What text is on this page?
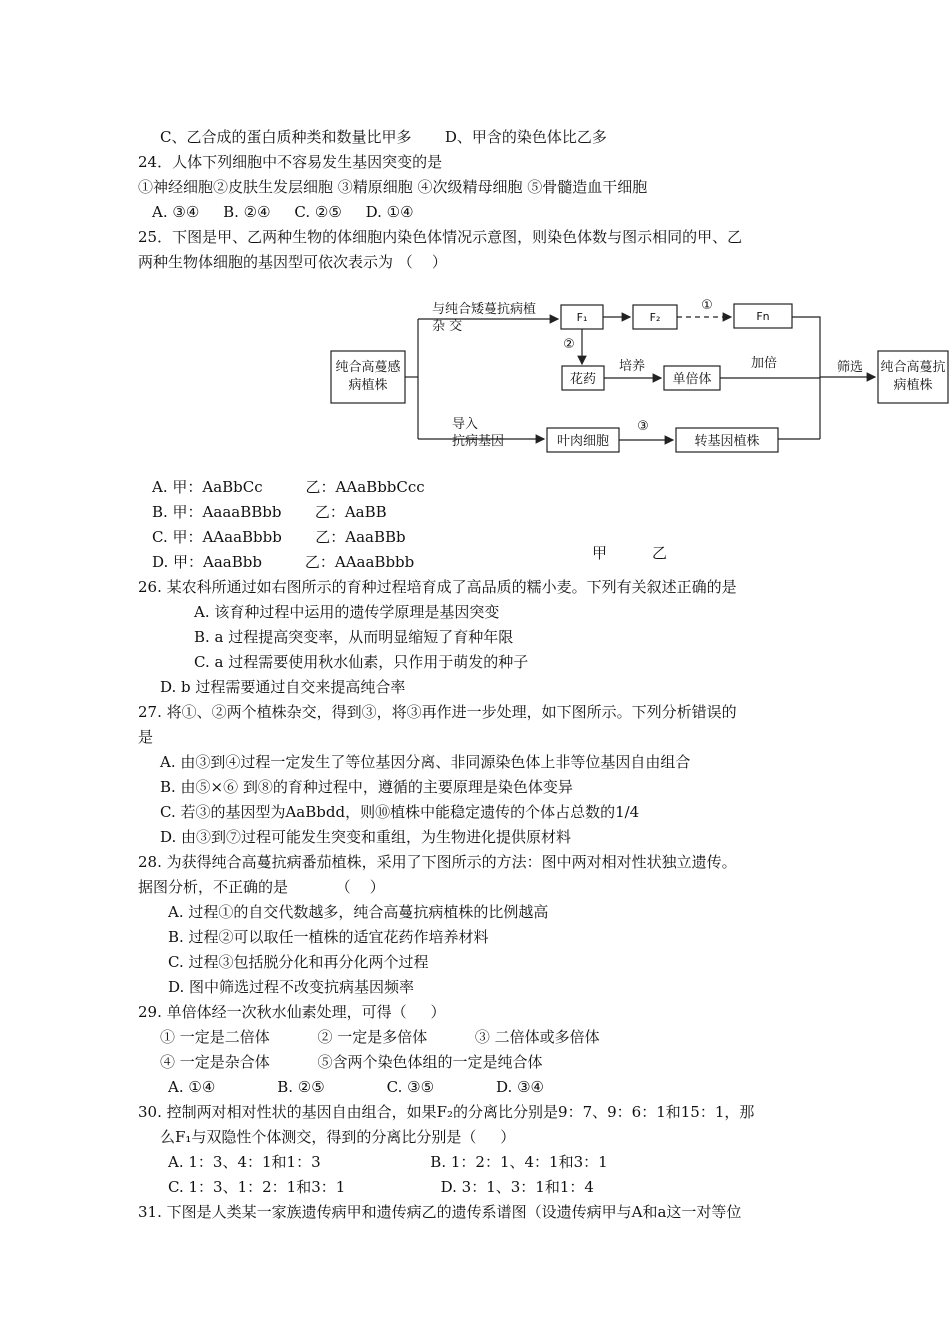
C、乙合成的蛋白质种类和数量比甲多       D、甲含的染色体比乙多
24．人体下列细胞中不容易发生基因突变的是
①神经细胞②皮肤生发层细胞 ③精原细胞 ④次级精母细胞 ⑤骨髓造血干细胞
A. ③④     B. ②④     C. ②⑤     D. ①④
25．下图是甲、乙两种生物的体细胞内染色体情况示意图，则染色体数与图示相同的甲、乙
两种生物体细胞的基因型可依次表示为 （    ）
A. 甲：AaBbCc         乙：AAaBbbCcc
B. 甲：AaaaBBbb       乙：AaBB
C. 甲：AAaaBbbb       乙：AaaBBb
D. 甲：AaaBbb         乙：AAaaBbbb
26. 某农科所通过如右图所示的育种过程培育成了高品质的糯小麦。下列有关叙述正确的是
A. 该育种过程中运用的遗传学原理是基因突变
B. a 过程提高突变率，从而明显缩短了育种年限
C. a 过程需要使用秋水仙素，只作用于萌发的种子
D. b 过程需要通过自交来提高纯合率
27. 将①、②两个植株杂交，得到③，将③再作进一步处理，如下图所示。下列分析错误的
是
A. 由③到④过程一定发生了等位基因分离、非同源染色体上非等位基因自由组合
B. 由⑤×⑥ 到⑧的育种过程中，遵循的主要原理是染色体变异
C. 若③的基因型为AaBbdd，则⑩植株中能稳定遗传的个体占总数的1/4
D. 由③到⑦过程可能发生突变和重组，为生物进化提供原材料
28. 为获得纯合高蔓抗病番茄植株，采用了下图所示的方法：图中两对相对性状独立遗传。
据图分析，不正确的是          （    ）
A. 过程①的自交代数越多，纯合高蔓抗病植株的比例越高
B. 过程②可以取任一植株的适宜花药作培养材料
C. 过程③包括脱分化和再分化两个过程
D. 图中筛选过程不改变抗病基因频率
29. 单倍体经一次秋水仙素处理，可得（     ）
① 一定是二倍体          ② 一定是多倍体          ③ 二倍体或多倍体
④ 一定是杂合体          ⑤含两个染色体组的一定是纯合体
A. ①④             B. ②⑤             C. ③⑤             D. ③④
30. 控制两对相对性状的基因自由组合，如果F₂的分离比分别是9：7、9：6：1和15：1，那
么F₁与双隐性个体测交，得到的分离比分别是（     ）
A. 1：3、4：1和1：3                       B. 1：2：1、4：1和3：1
C. 1：3、1：2：1和3：1                    D. 3：1、3：1和1：4
31. 下图是人类某一家族遗传病甲和遗传病乙的遗传系谱图（设遗传病甲与A和a这一对等位
甲	乙
纯合高蔓感
病植株
与纯合矮蔓抗病植
杂 交
F₁	F₂
①
Fn
②
花药
培养
单倍体
加倍	筛选 纯合高蔓抗
病植株
导入
抗病基因	叶肉细胞
③
转基因植株
